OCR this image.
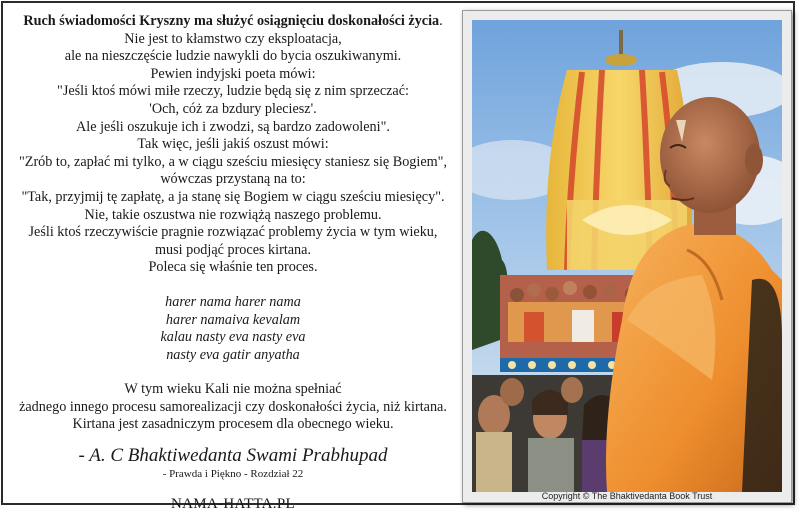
Ruch świadomości Kryszny ma służyć osiągnięciu doskonałości życia.
Nie jest to kłamstwo czy eksploatacja,
ale na nieszczęście ludzie nawykli do bycia oszukiwanymi.
Pewien indyjski poeta mówi:
"Jeśli ktoś mówi miłe rzeczy, ludzie będą się z nim sprzeczać:
'Och, cóż za bzdury pleciesz'.
Ale jeśli oszukuje ich i zwodzi, są bardzo zadowoleni".
Tak więc, jeśli jakiś oszust mówi:
"Zrób to, zapłać mi tylko, a w ciągu sześciu miesięcy staniesz się Bogiem",
wówczas przystaną na to:
"Tak, przyjmij tę zapłatę, a ja stanę się Bogiem w ciągu sześciu miesięcy".
Nie, takie oszustwa nie rozwiążą naszego problemu.
Jeśli ktoś rzeczywiście pragnie rozwiązać problemy życia w tym wieku,
musi podjąć proces kirtana.
Poleca się właśnie ten proces.
harer nama harer nama
harer namaiva kevalam
kalau nasty eva nasty eva
nasty eva gatir anyatha
W tym wieku Kali nie można spełniać
żadnego innego procesu samorealizacji czy doskonałości życia, niż kirtana.
Kirtana jest zasadniczym procesem dla obecnego wieku.
- A. C Bhaktiwedanta Swami Prabhupad
- Prawda i Piękno - Rozdział 22
NAMA-HATTA.PL
Copyright © The Bhaktivedanta Book Trust
